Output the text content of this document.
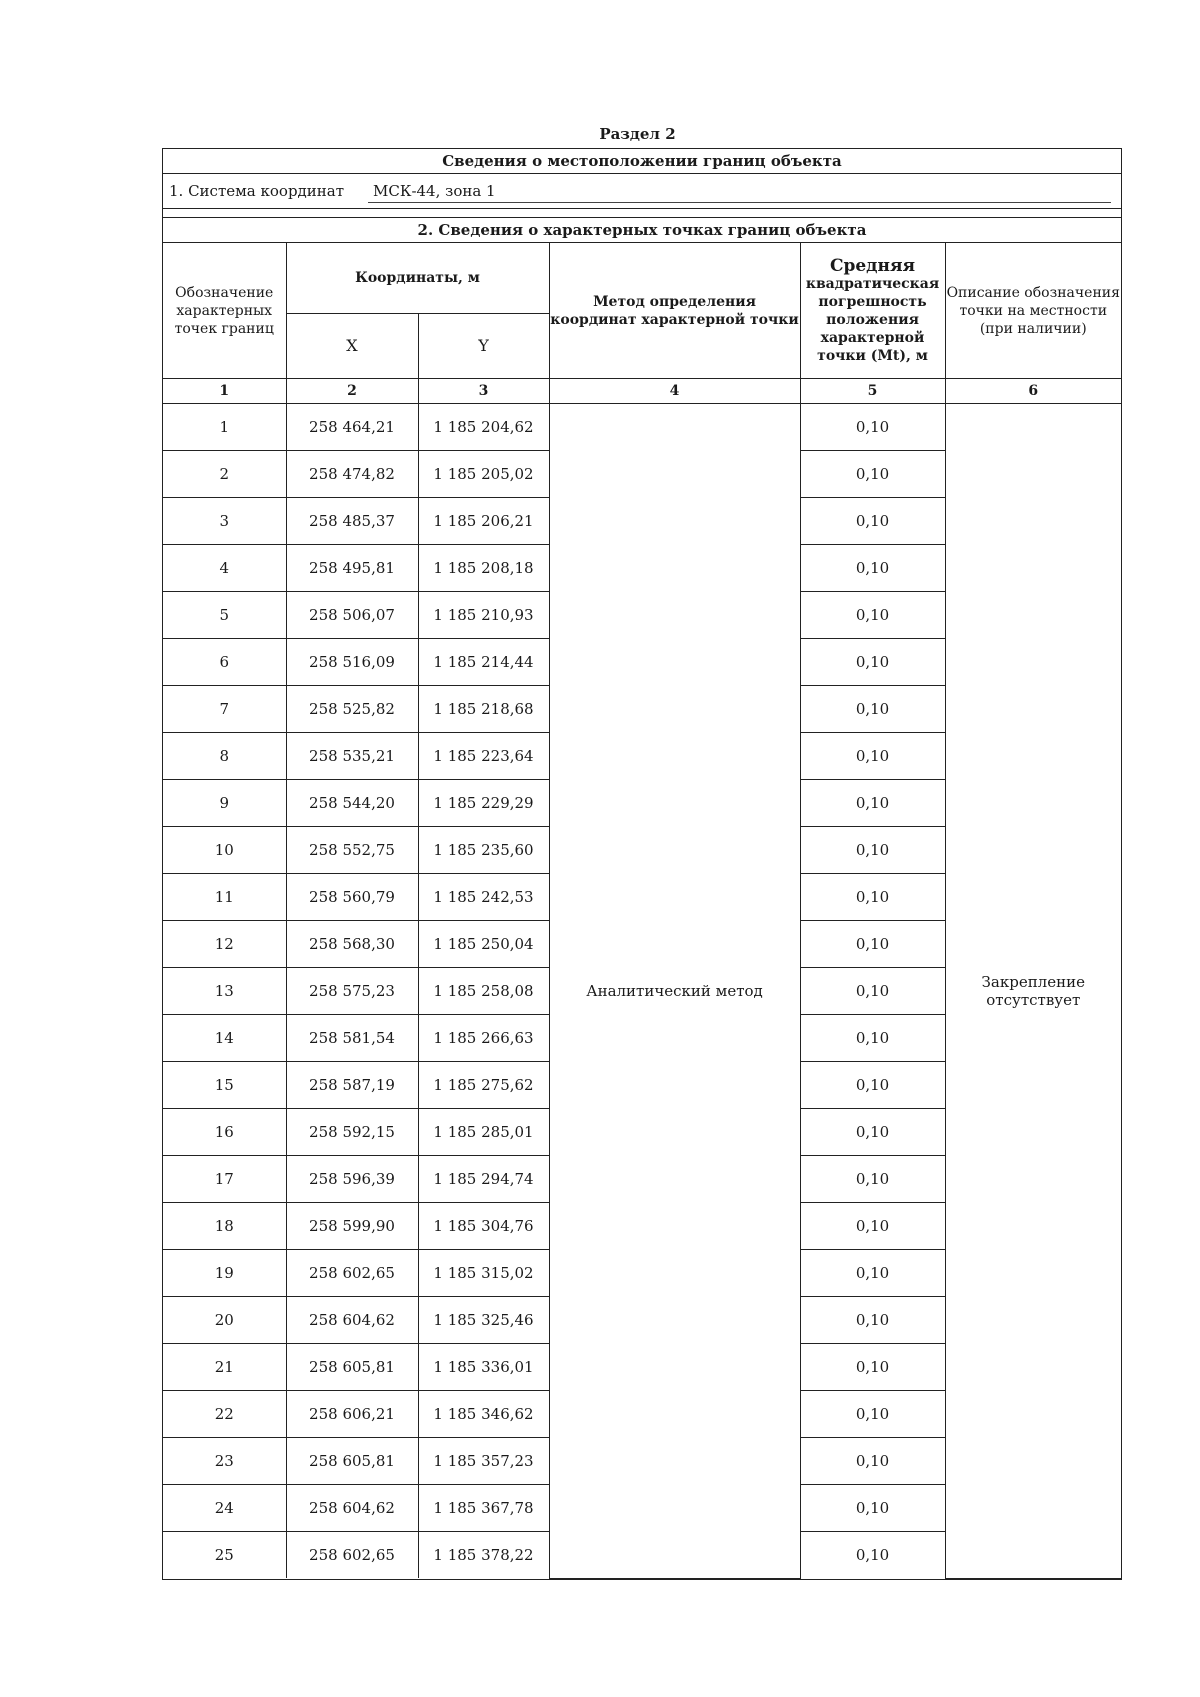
Раздел 2
Сведения о местоположении границ объекта
1. Система координат МСК-44, зона 1
2. Сведения о характерных точках границ объекта
Обозначение характерных точек границ	Координаты, м		Метод определения координат характерной точки	Средняя
квадратическая погрешность положения характерной точки (Mt), м	Описание обозначения точки на местности (при наличии)
	X	Y			
1	2	3	4	5	6
1	258 464,21	1 185 204,62	Аналитический метод	0,10	Закрепление отсутствует
2	258 474,82	1 185 205,02		0,10	
3	258 485,37	1 185 206,21		0,10	
4	258 495,81	1 185 208,18		0,10	
5	258 506,07	1 185 210,93		0,10	
6	258 516,09	1 185 214,44		0,10	
7	258 525,82	1 185 218,68		0,10	
8	258 535,21	1 185 223,64		0,10	
9	258 544,20	1 185 229,29		0,10	
10	258 552,75	1 185 235,60		0,10	
11	258 560,79	1 185 242,53		0,10	
12	258 568,30	1 185 250,04		0,10	
13	258 575,23	1 185 258,08		0,10	
14	258 581,54	1 185 266,63		0,10	
15	258 587,19	1 185 275,62		0,10	
16	258 592,15	1 185 285,01		0,10	
17	258 596,39	1 185 294,74		0,10	
18	258 599,90	1 185 304,76		0,10	
19	258 602,65	1 185 315,02		0,10	
20	258 604,62	1 185 325,46		0,10	
21	258 605,81	1 185 336,01		0,10	
22	258 606,21	1 185 346,62		0,10	
23	258 605,81	1 185 357,23		0,10	
24	258 604,62	1 185 367,78		0,10	
25	258 602,65	1 185 378,22		0,10	
